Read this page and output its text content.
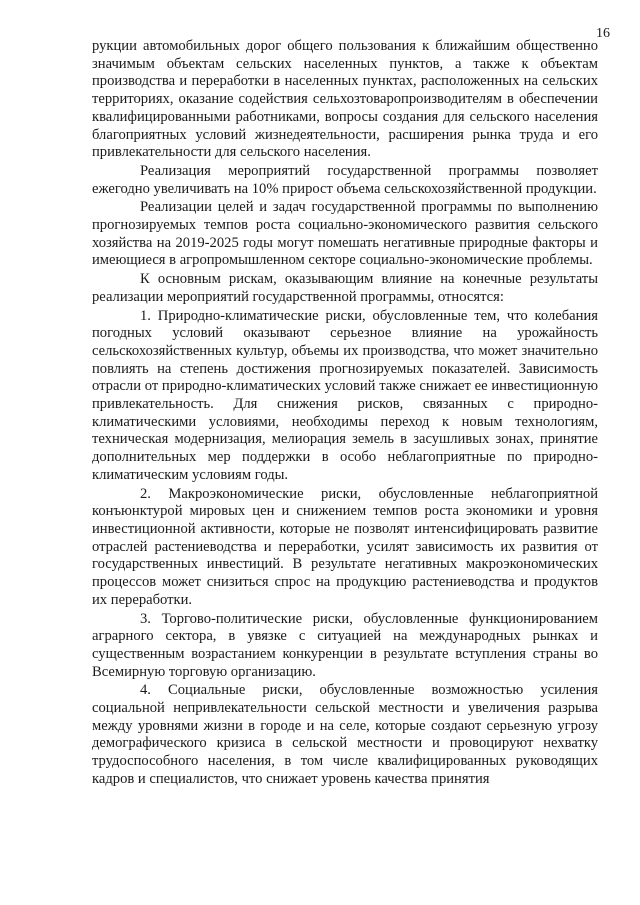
16

рукции автомобильных дорог общего пользования к ближайшим общественно значимым объектам сельских населенных пунктов, а также к объектам производства и переработки в населенных пунктах, расположенных на сельских территориях, оказание содействия сельхозтоваропроизводителям в обеспечении квалифицированными работниками, вопросы создания для сельского населения благоприятных условий жизнедеятельности, расширения рынка труда и его привлекательности для сельского населения.

Реализация мероприятий государственной программы позволяет ежегодно увеличивать на 10% прирост объема сельскохозяйственной продукции.

Реализации целей и задач государственной программы по выполнению прогнозируемых темпов роста социально-экономического развития сельского хозяйства на 2019-2025 годы могут помешать негативные природные факторы и имеющиеся в агропромышленном секторе социально-экономические проблемы.

К основным рискам, оказывающим влияние на конечные результаты реализации мероприятий государственной программы, относятся:

1. Природно-климатические риски, обусловленные тем, что колебания погодных условий оказывают серьезное влияние на урожайность сельскохозяйственных культур, объемы их производства, что может значительно повлиять на степень достижения прогнозируемых показателей. Зависимость отрасли от природно-климатических условий также снижает ее инвестиционную привлекательность. Для снижения рисков, связанных с природно-климатическими условиями, необходимы переход к новым технологиям, техническая модернизация, мелиорация земель в засушливых зонах, принятие дополнительных мер поддержки в особо неблагоприятные по природно-климатическим условиям годы.

2. Макроэкономические риски, обусловленные неблагоприятной конъюнктурой мировых цен и снижением темпов роста экономики и уровня инвестиционной активности, которые не позволят интенсифицировать развитие отраслей растениеводства и переработки, усилят зависимость их развития от государственных инвестиций. В результате негативных макроэкономических процессов может снизиться спрос на продукцию растениеводства и продуктов их переработки.

3. Торгово-политические риски, обусловленные функционированием аграрного сектора, в увязке с ситуацией на международных рынках и существенным возрастанием конкуренции в результате вступления страны во Всемирную торговую организацию.

4. Социальные риски, обусловленные возможностью усиления социальной непривлекательности сельской местности и увеличения разрыва между уровнями жизни в городе и на селе, которые создают серьезную угрозу демографического кризиса в сельской местности и провоцируют нехватку трудоспособного населения, в том числе квалифицированных руководящих кадров и специалистов, что снижает уровень качества принятия
